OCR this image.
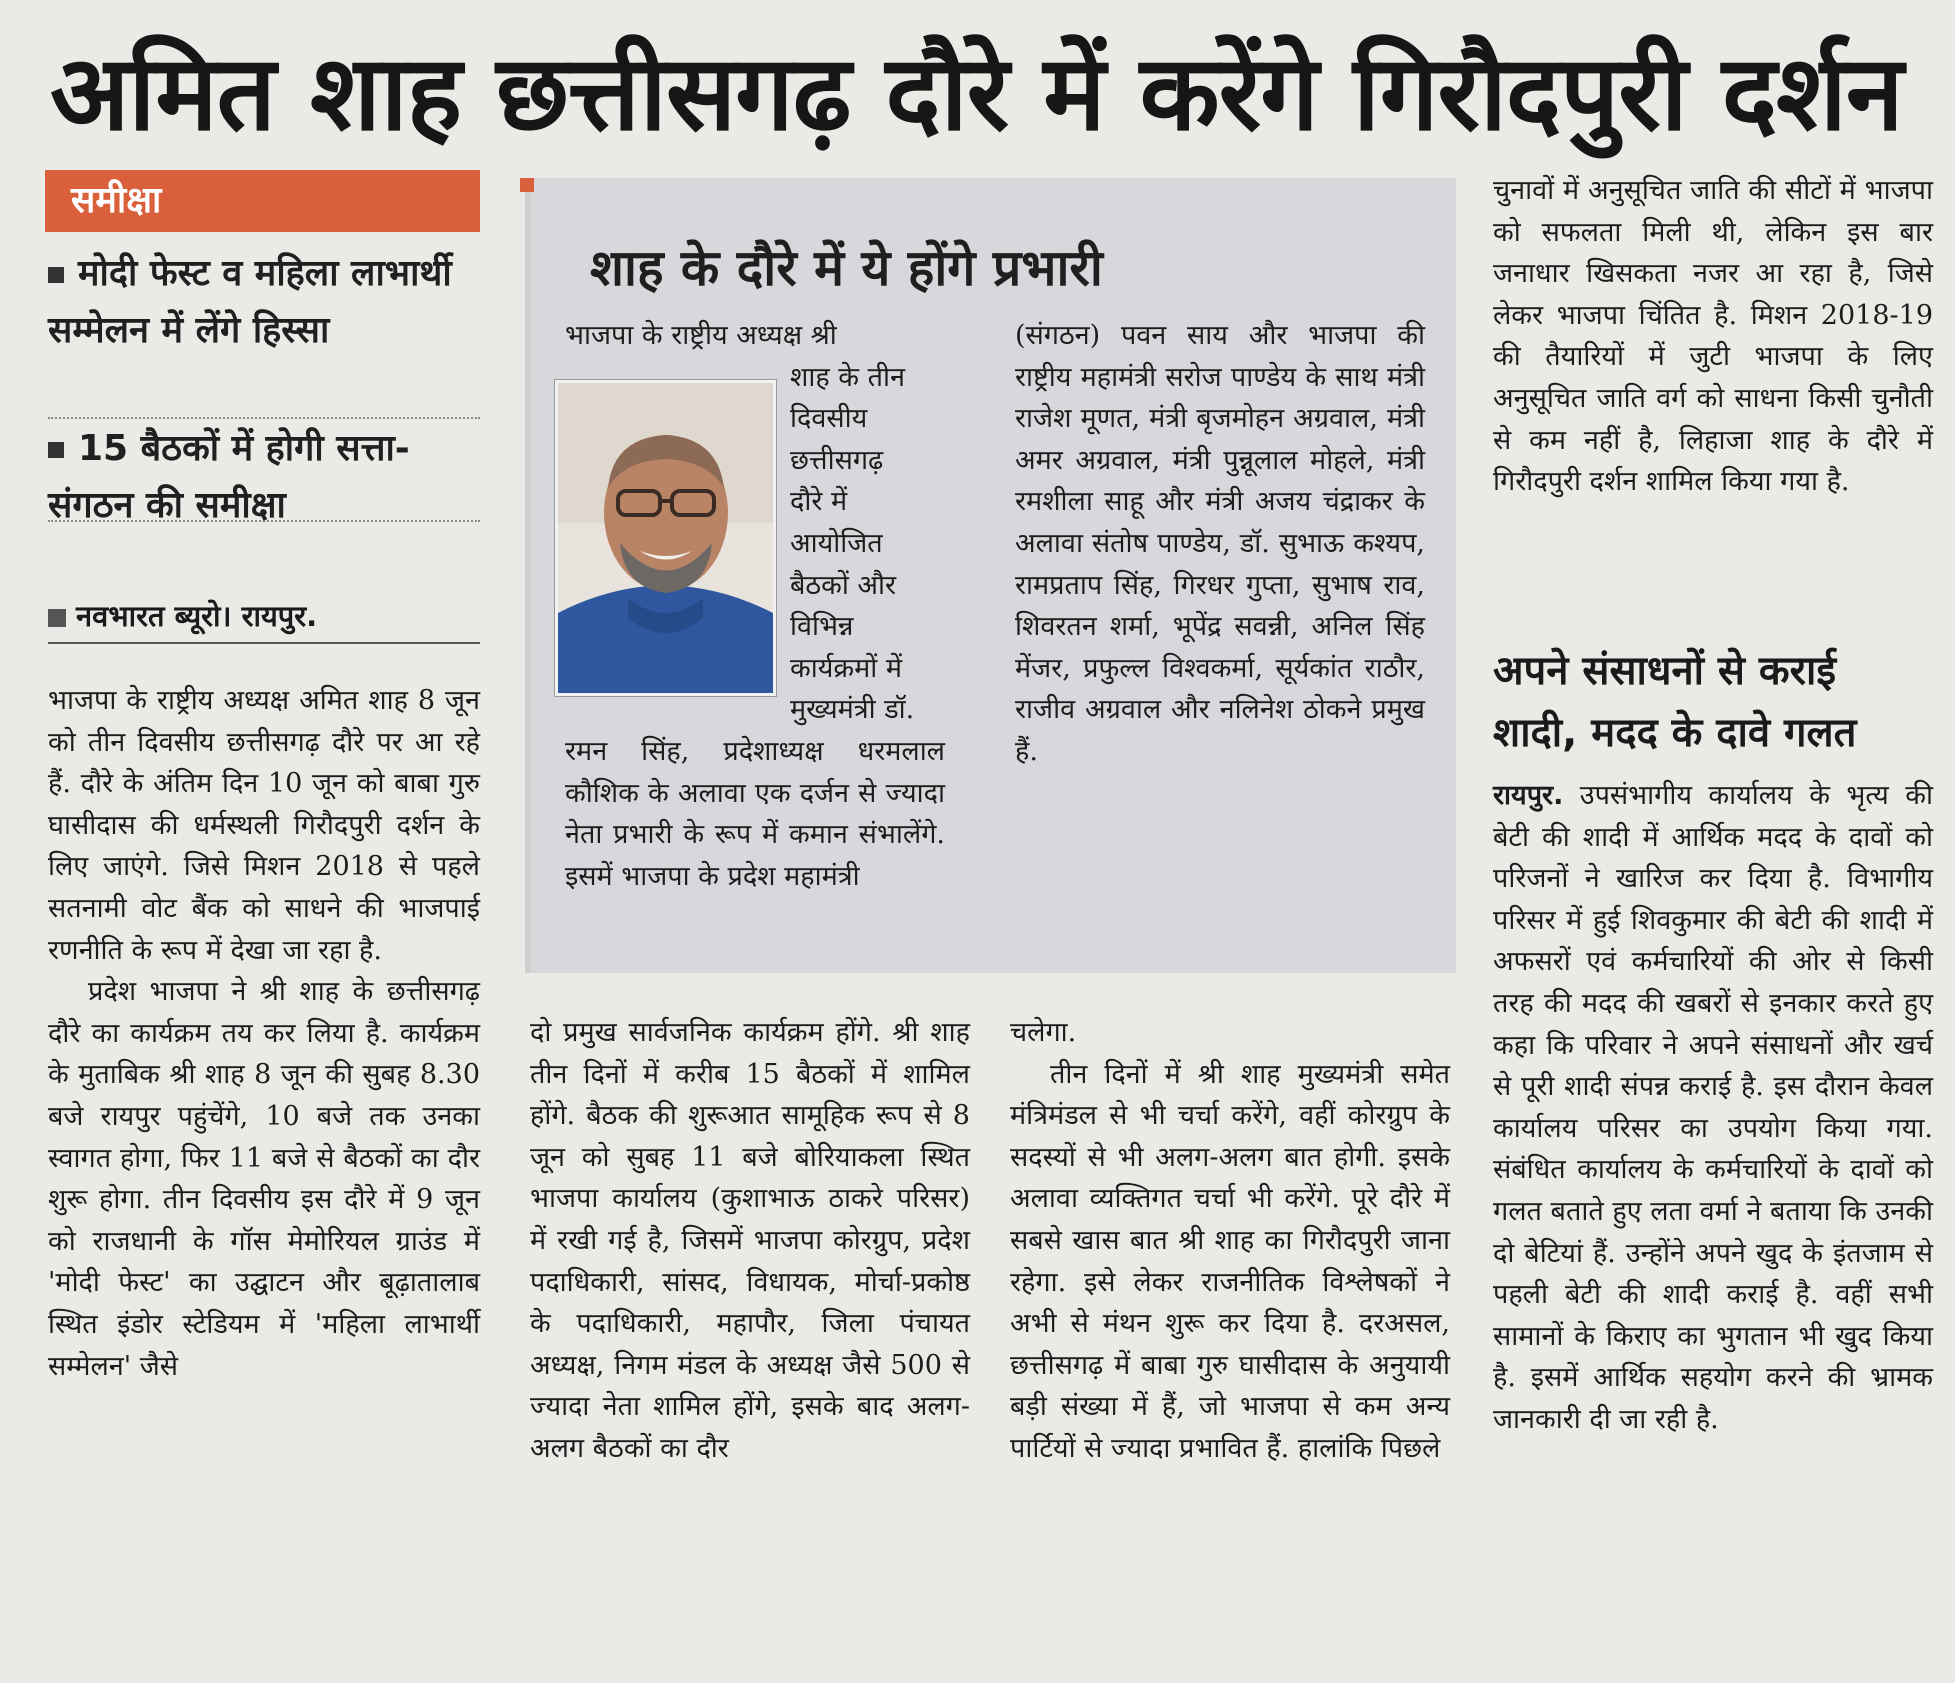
अमित शाह छत्तीसगढ़ दौरे में करेंगे गिरौदपुरी दर्शन
समीक्षा
मोदी फेस्ट व महिला लाभार्थी सम्मेलन में लेंगे हिस्सा
15 बैठकों में होगी सत्ता-संगठन की समीक्षा
नवभारत ब्यूरो। रायपुर.
भाजपा के राष्ट्रीय अध्यक्ष अमित शाह 8 जून को तीन दिवसीय छत्तीसगढ़ दौरे पर आ रहे हैं. दौरे के अंतिम दिन 10 जून को बाबा गुरु घासीदास की धर्मस्थली गिरौदपुरी दर्शन के लिए जाएंगे. जिसे मिशन 2018 से पहले सतनामी वोट बैंक को साधने की भाजपाई रणनीति के रूप में देखा जा रहा है.
प्रदेश भाजपा ने श्री शाह के छत्तीसगढ़ दौरे का कार्यक्रम तय कर लिया है. कार्यक्रम के मुताबिक श्री शाह 8 जून की सुबह 8.30 बजे रायपुर पहुंचेंगे, 10 बजे तक उनका स्वागत होगा, फिर 11 बजे से बैठकों का दौर शुरू होगा. तीन दिवसीय इस दौरे में 9 जून को राजधानी के गॉस मेमोरियल ग्राउंड में 'मोदी फेस्ट' का उद्घाटन और बूढ़ातालाब स्थित इंडोर स्टेडियम में 'महिला लाभार्थी सम्मेलन' जैसे
शाह के दौरे में ये होंगे प्रभारी
भाजपा के राष्ट्रीय अध्यक्ष श्री
शाह के तीन
दिवसीय
छत्तीसगढ़
दौरे में
आयोजित
बैठकों और
विभिन्न
कार्यक्रमों में
मुख्यमंत्री डॉ.
रमन सिंह, प्रदेशाध्यक्ष धरमलाल कौशिक के अलावा एक दर्जन से ज्यादा नेता प्रभारी के रूप में कमान संभालेंगे. इसमें भाजपा के प्रदेश महामंत्री
(संगठन) पवन साय और भाजपा की राष्ट्रीय महामंत्री सरोज पाण्डेय के साथ मंत्री राजेश मूणत, मंत्री बृजमोहन अग्रवाल, मंत्री अमर अग्रवाल, मंत्री पुन्नूलाल मोहले, मंत्री रमशीला साहू और मंत्री अजय चंद्राकर के अलावा संतोष पाण्डेय, डॉ. सुभाऊ कश्यप, रामप्रताप सिंह, गिरधर गुप्ता, सुभाष राव, शिवरतन शर्मा, भूपेंद्र सवन्नी, अनिल सिंह मेंजर, प्रफुल्ल विश्वकर्मा, सूर्यकांत राठौर, राजीव अग्रवाल और नलिनेश ठोकने प्रमुख हैं.
दो प्रमुख सार्वजनिक कार्यक्रम होंगे. श्री शाह तीन दिनों में करीब 15 बैठकों में शामिल होंगे. बैठक की शुरूआत सामूहिक रूप से 8 जून को सुबह 11 बजे बोरियाकला स्थित भाजपा कार्यालय (कुशाभाऊ ठाकरे परिसर) में रखी गई है, जिसमें भाजपा कोरग्रुप, प्रदेश पदाधिकारी, सांसद, विधायक, मोर्चा-प्रकोष्ठ के पदाधिकारी, महापौर, जिला पंचायत अध्यक्ष, निगम मंडल के अध्यक्ष जैसे 500 से ज्यादा नेता शामिल होंगे, इसके बाद अलग-अलग बैठकों का दौर
चलेगा.
तीन दिनों में श्री शाह मुख्यमंत्री समेत मंत्रिमंडल से भी चर्चा करेंगे, वहीं कोरग्रुप के सदस्यों से भी अलग-अलग बात होगी. इसके अलावा व्यक्तिगत चर्चा भी करेंगे. पूरे दौरे में सबसे खास बात श्री शाह का गिरौदपुरी जाना रहेगा. इसे लेकर राजनीतिक विश्लेषकों ने अभी से मंथन शुरू कर दिया है. दरअसल, छत्तीसगढ़ में बाबा गुरु घासीदास के अनुयायी बड़ी संख्या में हैं, जो भाजपा से कम अन्य पार्टियों से ज्यादा प्रभावित हैं. हालांकि पिछले
चुनावों में अनुसूचित जाति की सीटों में भाजपा को सफलता मिली थी, लेकिन इस बार जनाधार खिसकता नजर आ रहा है, जिसे लेकर भाजपा चिंतित है. मिशन 2018-19 की तैयारियों में जुटी भाजपा के लिए अनुसूचित जाति वर्ग को साधना किसी चुनौती से कम नहीं है, लिहाजा शाह के दौरे में गिरौदपुरी दर्शन शामिल किया गया है.
अपने संसाधनों से कराई शादी, मदद के दावे गलत
रायपुर. उपसंभागीय कार्यालय के भृत्य की बेटी की शादी में आर्थिक मदद के दावों को परिजनों ने खारिज कर दिया है. विभागीय परिसर में हुई शिवकुमार की बेटी की शादी में अफसरों एवं कर्मचारियों की ओर से किसी तरह की मदद की खबरों से इनकार करते हुए कहा कि परिवार ने अपने संसाधनों और खर्च से पूरी शादी संपन्न कराई है. इस दौरान केवल कार्यालय परिसर का उपयोग किया गया. संबंधित कार्यालय के कर्मचारियों के दावों को गलत बताते हुए लता वर्मा ने बताया कि उनकी दो बेटियां हैं. उन्होंने अपने खुद के इंतजाम से पहली बेटी की शादी कराई है. वहीं सभी सामानों के किराए का भुगतान भी खुद किया है. इसमें आर्थिक सहयोग करने की भ्रामक जानकारी दी जा रही है.
